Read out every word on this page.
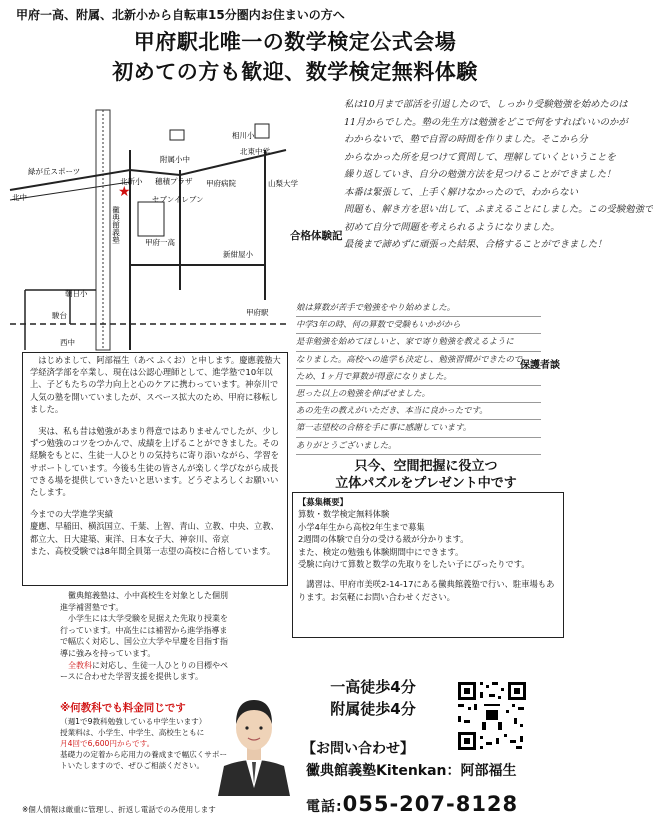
甲府一高、附属、北新小から自転車15分圏内お住まいの方へ
甲府駅北唯一の数学検定公式会場
初めての方も歓迎、数学検定無料体験
相川小
北東中学
附属小中
緑が丘スポーツ
北新小 穂積プラザ 甲府病院	山梨大学
北中	セブンイレブン
甲府一高
新紺屋小
朝日小
甲府駅
駿台
西中
黴典館義塾
★
私は10月まで部活を引退したので、しっかり受験勉強を始めたのは
11月からでした。塾の先生方は勉強をどこで何をすればいいのかが
わからないで、塾で自習の時間を作りました。そこから分
からなかった所を見つけて質問して、理解していくということを
繰り返していき、自分の勉強方法を見つけることができました！
本番は緊張して、上手く解けなかったので、わからない
問題も、解き方を思い出して、ふまえることにしました。この受験勉強で
初めて自分で問題を考えられるようになりました。
最後まで諦めずに頑張った結果、合格することができました！
合格体験記
娘は算数が苦手で勉強をやり始めました。
中学3年の時、何の算数で受験もいかがから
是非勉強を始めてほしいと、家で寄り勉強を教えるように
なりました。高校への進学も決定し、勉強習慣ができたので
ため、1ヶ月で算数が得意になりました。
思った以上の勉強を伸ばせました。
あの先生の教えがいただき、本当に良かったです。
第一志望校の合格を手に事に感謝しています。
ありがとうございました。
保護者談

はじめまして、阿部福生（あべ ふくお）と申します。慶應義塾大学経済学部を卒業し、現在は公認心理師として、進学塾で10年以上、子どもたちの学力向上と心のケアに携わっています。神奈川で人気の塾を開いていましたが、スペース拡大のため、甲府に移転しました。

実は、私も昔は勉強があまり得意ではありませんでしたが、少しずつ勉強のコツをつかんで、成績を上げることができました。その経験をもとに、生徒一人ひとりの気持ちに寄り添いながら、学習をサポートしています。今後も生徒の皆さんが楽しく学びながら成長できる場を提供していきたいと思います。どうぞよろしくお願いいたします。

今までの大学進学実績
慶應、早稲田、横浜国立、千葉、上智、青山、立教、中央、立教、都立大、日大建築、東洋、日本女子大、神奈川、帝京
また、高校受験では8年間全員第一志望の高校に合格しています。

只今、空間把握に役立つ
立体パズルをプレゼント中です
【募集概要】
算数・数学検定無料体験
小学4年生から高校2年生まで募集
2週間の体験で自分の受ける級が分かります。
また、検定の勉強も体験期間中にできます。
受験に向けて算数と数学の先取りをしたい子にぴったりです。
講習は、甲府市美咲2-14-17にある黴典館義塾で行い、駐車場もあります。お気軽にお問い合わせください。

黴典館義塾は、小中高校生を対象とした個別進学補習塾です。

小学生には大学受験を見据えた先取り授業を行っています。中高生には補習から進学指導まで幅広く対応し、国公立大学や早慶を目指す指導に強みを持っています。

全教科に対応し、生徒一人ひとりの目標やペースに合わせた学習支援を提供します。

※何教科でも料金同じです
（週1で9教科勉強している中学生います）
授業料は、小学生、中学生、高校生ともに
月4回で6,600円からです。
基礎力の定着から応用力の養成まで幅広くサポートいたしますので、ぜひご相談ください。
※個人情報は厳重に管理し、折返し電話でのみ使用します
一高徒歩4分
附属徒歩4分
【お問い合わせ】
黴典館義塾Kitenkan：阿部福生
電話:055-207-8128
